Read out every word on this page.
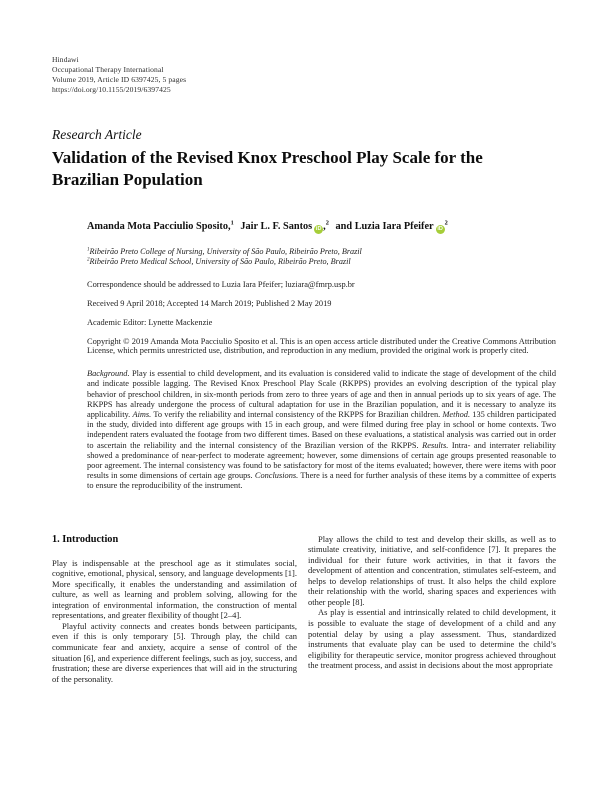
Hindawi
Occupational Therapy International
Volume 2019, Article ID 6397425, 5 pages
https://doi.org/10.1155/2019/6397425
Research Article
Validation of the Revised Knox Preschool Play Scale for the Brazilian Population
Amanda Mota Pacciulio Sposito,$^1$ Jair L. F. Santos iD ,$^2$ and Luzia Iara Pfeifer $iD^2$
$^1$Ribeirão Preto College of Nursing, University of São Paulo, Ribeirão Preto, Brazil
$^2$Ribeirão Preto Medical School, University of São Paulo, Ribeirão Preto, Brazil
Correspondence should be addressed to Luzia Iara Pfeifer; luziara@fmrp.usp.br
Received 9 April 2018; Accepted 14 March 2019; Published 2 May 2019
Academic Editor: Lynette Mackenzie
Copyright © 2019 Amanda Mota Pacciulio Sposito et al. This is an open access article distributed under the Creative Commons Attribution License, which permits unrestricted use, distribution, and reproduction in any medium, provided the original work is properly cited.

Background. Play is essential to child development, and its evaluation is considered valid to indicate the stage of development of the child and indicate possible lagging. The Revised Knox Preschool Play Scale (RKPPS) provides an evolving description of the typical play behavior of preschool children, in six-month periods from zero to three years of age and then in annual periods up to six years of age. The RKPPS has already undergone the process of cultural adaptation for use in the Brazilian population, and it is necessary to analyze its applicability. Aims. To verify the reliability and internal consistency of the RKPPS for Brazilian children. Method. 135 children participated in the study, divided into different age groups with 15 in each group, and were filmed during free play in school or home contexts. Two independent raters evaluated the footage from two different times. Based on these evaluations, a statistical analysis was carried out in order to ascertain the reliability and the internal consistency of the Brazilian version of the RKPPS. Results. Intra- and interrater reliability showed a predominance of near-perfect to moderate agreement; however, some dimensions of certain age groups presented reasonable to poor agreement. The internal consistency was found to be satisfactory for most of the items evaluated; however, there were items with poor results in some dimensions of certain age groups. Conclusions. There is a need for further analysis of these items by a committee of experts to ensure the reproducibility of the instrument.

1. Introduction

Play is indispensable at the preschool age as it stimulates social, cognitive, emotional, physical, sensory, and language developments [1]. More specifically, it enables the understanding and assimilation of culture, as well as learning and problem solving, allowing for the integration of environmental information, the construction of mental representations, and greater flexibility of thought [2–4].

Playful activity connects and creates bonds between participants, even if this is only temporary [5]. Through play, the child can communicate fear and anxiety, acquire a sense of control of the situation [6], and experience different feelings, such as joy, success, and frustration; these are diverse experiences that will aid in the structuring of the personality.

Play allows the child to test and develop their skills, as well as to stimulate creativity, initiative, and self-confidence [7]. It prepares the individual for their future work activities, in that it favors the development of attention and concentration, stimulates self-esteem, and helps to develop relationships of trust. It also helps the child explore their relationship with the world, sharing spaces and experiences with other people [8].

As play is essential and intrinsically related to child development, it is possible to evaluate the stage of development of a child and any potential delay by using a play assessment. Thus, standardized instruments that evaluate play can be used to determine the child’s eligibility for therapeutic service, monitor progress achieved throughout the treatment process, and assist in decisions about the most appropriate
